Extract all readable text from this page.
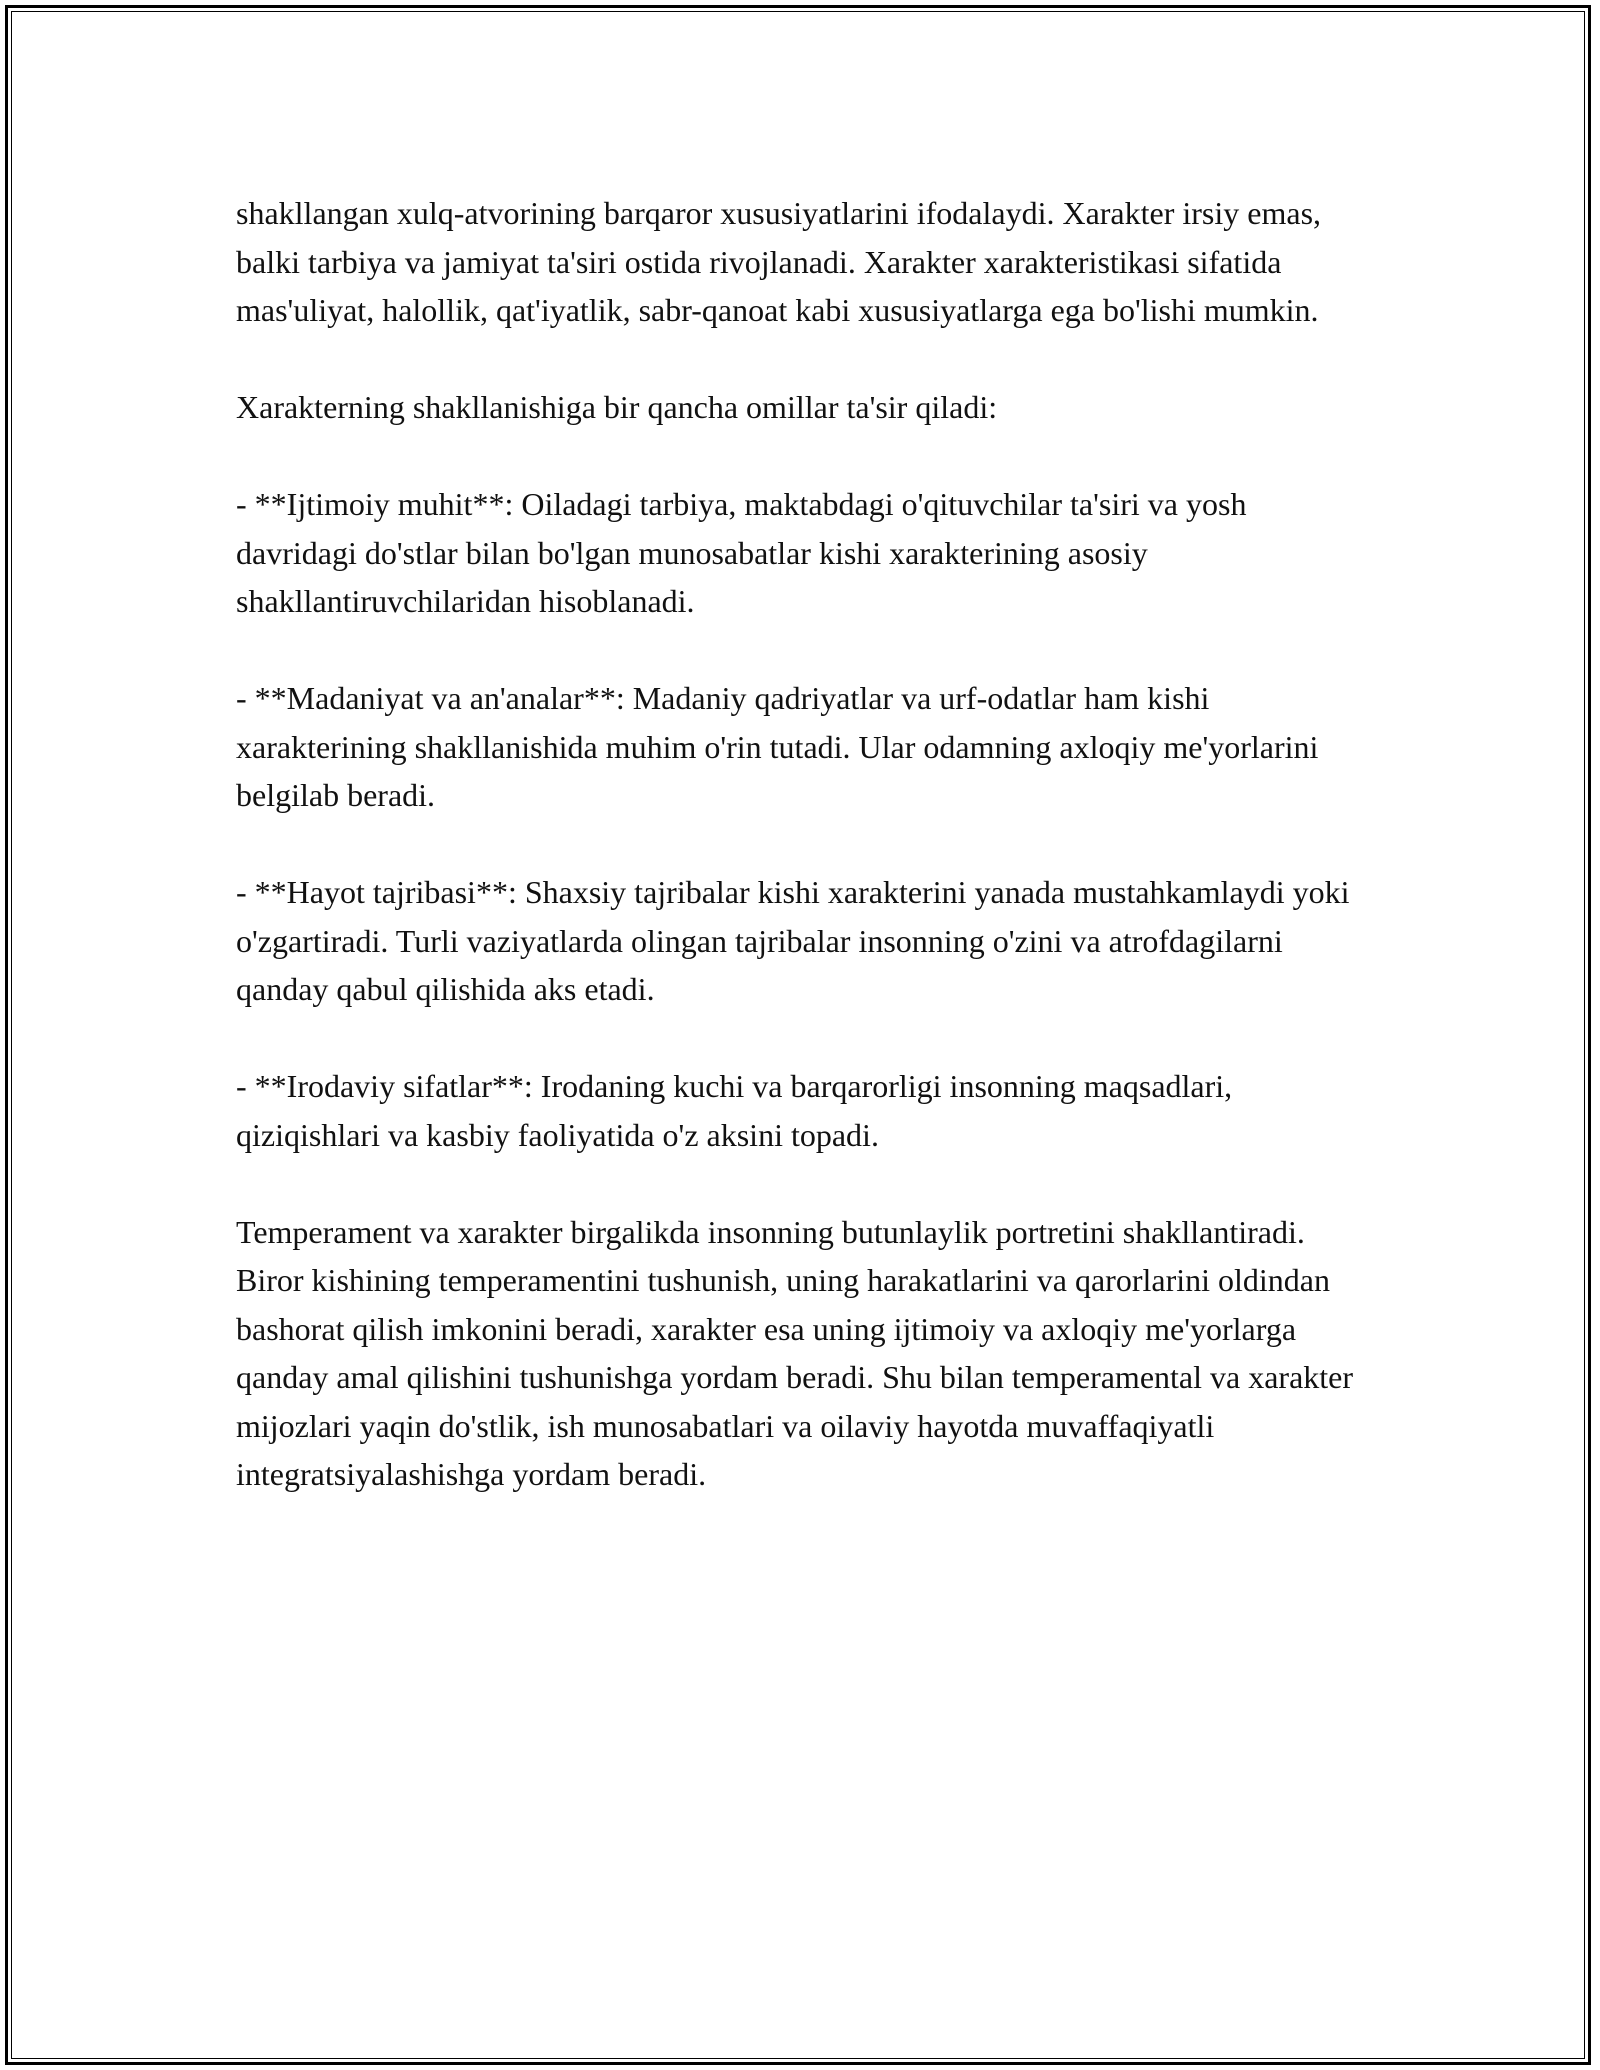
shakllangan xulq-atvorining barqaror xususiyatlarini ifodalaydi. Xarakter irsiy emas, balki tarbiya va jamiyat ta'siri ostida rivojlanadi. Xarakter xarakteristikasi sifatida mas'uliyat, halollik, qat'iyatlik, sabr-qanoat kabi xususiyatlarga ega bo'lishi mumkin.

Xarakterning shakllanishiga bir qancha omillar ta'sir qiladi:

- **Ijtimoiy muhit**: Oiladagi tarbiya, maktabdagi o'qituvchilar ta'siri va yosh davridagi do'stlar bilan bo'lgan munosabatlar kishi xarakterining asosiy shakllantiruvchilaridan hisoblanadi.

- **Madaniyat va an'analar**: Madaniy qadriyatlar va urf-odatlar ham kishi xarakterining shakllanishida muhim o'rin tutadi. Ular odamning axloqiy me'yorlarini belgilab beradi.

- **Hayot tajribasi**: Shaxsiy tajribalar kishi xarakterini yanada mustahkamlaydi yoki o'zgartiradi. Turli vaziyatlarda olingan tajribalar insonning o'zini va atrofdagilarni qanday qabul qilishida aks etadi.

- **Irodaviy sifatlar**: Irodaning kuchi va barqarorligi insonning maqsadlari, qiziqishlari va kasbiy faoliyatida o'z aksini topadi.

Temperament va xarakter birgalikda insonning butunlaylik portretini shakllantiradi. Biror kishining temperamentini tushunish, uning harakatlarini va qarorlarini oldindan bashorat qilish imkonini beradi, xarakter esa uning ijtimoiy va axloqiy me'yorlarga qanday amal qilishini tushunishga yordam beradi. Shu bilan temperamental va xarakter mijozlari yaqin do'stlik, ish munosabatlari va oilaviy hayotda muvaffaqiyatli integratsiyalashishga yordam beradi.
